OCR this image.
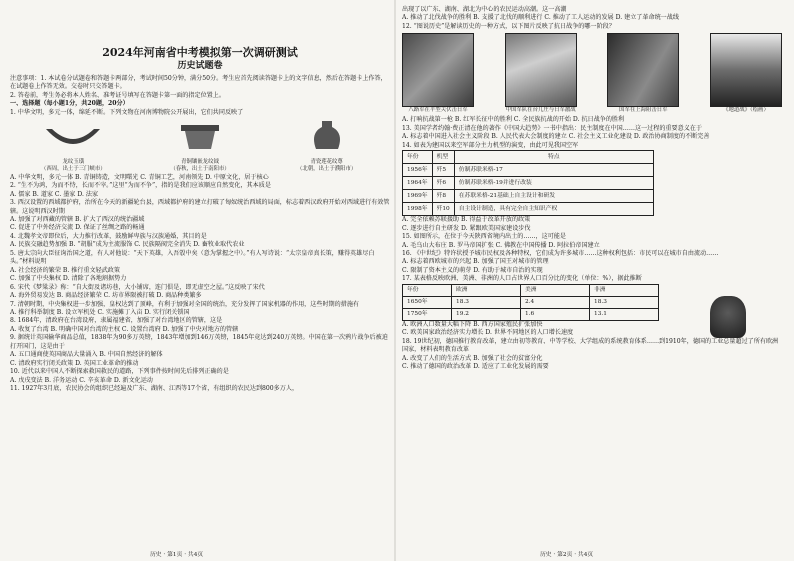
2024年河南省中考模拟第一次调研测试
历史试题卷

注意事项：1. 本试卷分试题卷和答题卡两部分，考试时间50分钟，满分50分。考生应首先阅读答题卡上的文字信息，然后在答题卡上作答，在试题卷上作答无效。交卷时只交答题卡。

2. 答卷前，考生务必将本人姓名、准考证号填写在答题卡第一面的指定位置上。

一、选择题（每小题1分，共20题，20分）

1. 中华文明，多元一体，绵延不断。下列文物在河南博物院公开展出，它们共同反映了

龙纹玉璜
（西周，出土于三门峡市）
青铜镶嵌龙纹钺
（春秋，出土于南阳市）
青瓷莲花纹尊
（北朝，出土于濮阳市）

A. 中华文明，多元一体 B. 青铜铸造，文明曙光 C. 青铜工艺，河南领先 D. 中原文化，居于核心

2. “生不为鸿，为而不恃，长而不宰。”这里“为而不争”，指的是我们应该顺应自然变化，其本质是

A. 儒家 B. 道家 C. 墨家 D. 法家

3. 西汉设置的西域都护府，治所在今天的新疆轮台县，西域都护府的建立打破了匈奴统治西域的局面，标志着西汉政府开始对西域进行有效管辖。这说明西汉时期

A. 加强了对西藏的管辖 B. 扩大了西汉的统治疆域

C. 促进了中外经济交流 D. 保证了丝绸之路的畅通

4. 北魏孝文帝即位后，大力推行改革，鼓励鲜卑族与汉族通婚，其目的是

A. 民族交融趋势加强 B. “胡服”成为主流服饰 C. 民族隔阂完全消失 D. 畜牧业取代农业

5. 唐太宗向大臣征询治国之道，有人对他说：“天下英雄，入吾彀中矣（意为掌握之中）。”有人写诗说：“太宗皇帝真长策，赚得英雄尽白头。”材料说明

A. 社会经济的繁荣 B. 推行重文轻武政策

C. 加强了中央集权 D. 清除了各地割据势力

6. 宋代《梦粱录》称：“自大街及诸坊巷，大小铺席，连门俱是，即无虚空之屋。”这反映了宋代

A. 海外贸易发达 B. 商品经济繁荣 C. 坊市界限被打破 D. 商品种类繁多

7. 清朝时期，中央集权进一步加强，皇权达到了顶峰，有利于加强对全国的统治，充分发挥了国家机器的作用，这些时期的措施有

A. 推行科举制度 B. 设立军机处 C. 实施摊丁入亩 D. 实行闭关锁国

8. 1684年，清政府在台湾设府，隶属福建省，加强了对台湾地区的管辖，这是

A. 收复了台湾 B. 明确中国对台湾的主权 C. 设置台湾府 D. 加强了中央对地方的管辖

9. 据统计英国输华商品总值，1838年为90多万英镑，1843年增加到146万英镑，1845年竟达到240万英镑。中国在第一次鸦片战争后被迫打开国门，这是由于

A. 五口通商使英国商品大量涌入 B. 中国自然经济的解体

C. 清政府实行闭关政策 D. 英国工业革命的推动

10. 近代以来中国人不断探索救国救民的道路，下列事件按时间先后排列正确的是

A. 戊戌变法 B. 洋务运动 C. 辛亥革命 D. 新文化运动

11. 1927年3月底，农民协会的组织已经遍及广东、湖南、江西等17个省，有组织的农民达到800多万人，

出现了以广东、湖南、湖北为中心的农民运动高潮。这一高潮

A. 推动了北伐战争的胜利 B. 支援了北伐的顺利进行 C. 推动了工人运动的发展 D. 建立了革命统一战线

12. “图说历史”是解读历史的一种方式，以下图片反映了抗日战争的哪一阶段？

八路军在平型关伏击日军	中国军队在台儿庄与日军激战	国军在上海阻击日军	《地道战》（绘画）

A. 打响抗战第一枪 B. 红军长征中的胜利 C. 全民族抗战的开始 D. 抗日战争的胜利

13. 美国学者约翰·费正清在他的著作《中国大趋势》一书中指出：民主制度在中国……这一过程的重要意义在于

A. 标志着中国进入社会主义阶段 B. 人民代表大会制度的建立 C. 社会主义工业化建设 D. 政治协商制度的不断完善

14. 如表为建国以来空军部分主力机型的演变，由此可见我国空军

年份	机型	特点
1956年	歼5	仿制苏联米格-17
1964年	歼6	仿制苏联米格-19并进行改装
1969年	歼8	在苏联米格-21基础上自主设计和研发
1998年	歼10	自主设计制造，具有完全自主知识产权

A. 完全依赖苏联援助 B. 得益于改革开放的政策

C. 逐步进行自主研发 D. 紧跟欧美国家建设步伐

15. 如图所示，在位于今天陕西省境内出土的……，这可能是

A. 毛乌山大布庄 B. 罗马帝国扩张 C. 佛教在中国传播 D. 阿拉伯帝国建立

16. 《中世纪》特许状授予城市民权及各种特权，它们成为许多城市……这种权利包括：市民可以在城市自由流动……

A. 标志着西欧城市的兴起 B. 加强了国王对城市的管理

C. 限制了资本主义的萌芽 D. 有助于城市自治的实现

17. 某表格反映欧洲、美洲、非洲的人口占世界人口百分比的变化（单位：%），据此推断

年份	欧洲	美洲	非洲
1650年	18.3	2.4	18.3
1750年	19.2	1.6	13.1

A. 欧洲人口数量大幅下降 B. 西方国家殖民扩张加快

C. 欧美国家政治经济实力增长 D. 世界不同地区的人口增长速度

18. 19世纪初，德国推行教育改革，建立由初等教育、中等学校、大学组成的系统教育体系……到1910年，德国的工业总量超过了所有欧洲国家，材料表明教育改革

A. 改变了人们的生活方式 B. 加强了社会的贫富分化

C. 推动了德国的政治改革 D. 适应了工业化发展的需要

历史 · 第1页 · 共4页	历史 · 第2页 · 共4页
